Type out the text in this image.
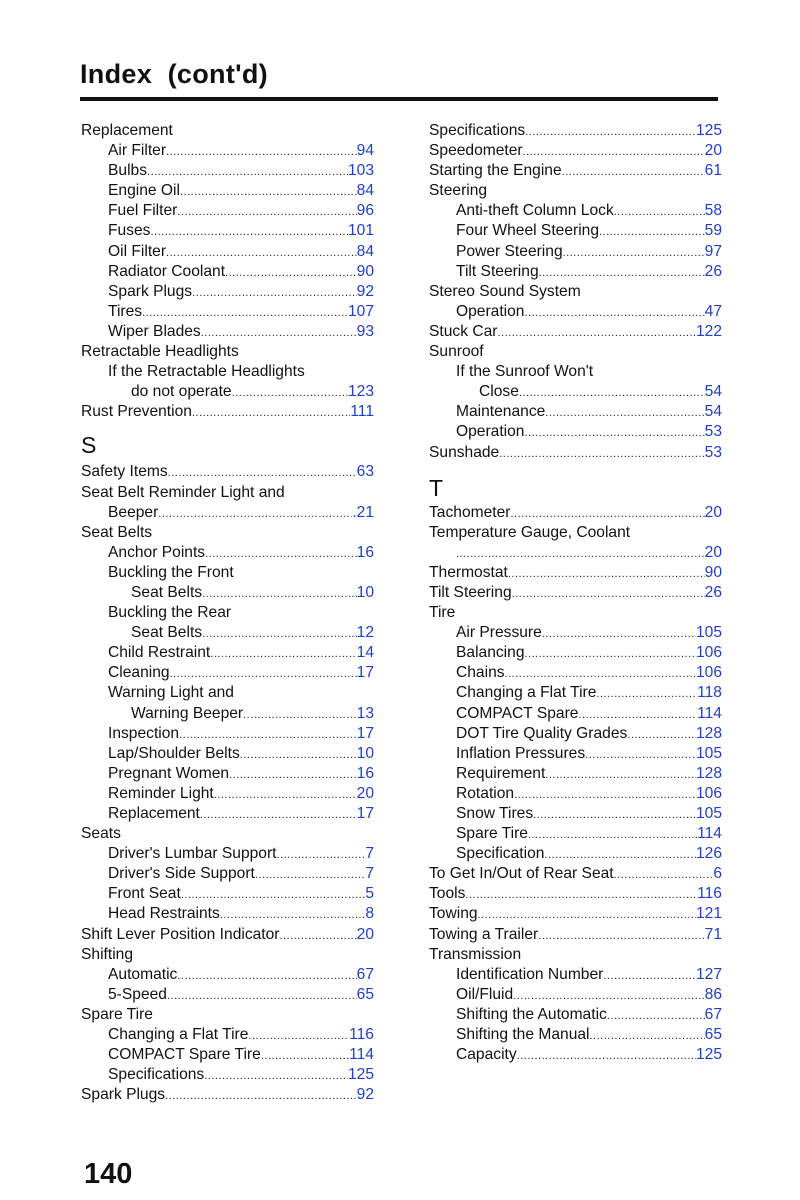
Index  (cont'd)
Replacement
Air Filter .....	94
Bulbs .....	103
Engine Oil .....	84
Fuel Filter .....	96
Fuses .....	101
Oil Filter .....	84
Radiator Coolant .....	90
Spark Plugs .....	92
Tires .....	107
Wiper Blades .....	93
Retractable Headlights
If the Retractable Headlights
do not operate .....	123
Rust Prevention .....	111
S
Safety Items .....	63
Seat Belt Reminder Light and
Beeper .....	.21
Seat Belts
Anchor Points .....	16
Buckling the Front
Seat Belts .....	10
Buckling the Rear
Seat Belts .....	12
Child Restraint .....	14
Cleaning .....	17
Warning Light and
Warning Beeper .....	13
Inspection .....	17
Lap/Shoulder Belts .....	10
Pregnant Women .....	16
Reminder Light .....	20
Replacement .....	17
Seats
Driver's Lumbar Support .....	7
Driver's Side Support .....	7
Front Seat .....	5
Head Restraints .....	8
Shift Lever Position Indicator .....	20
Shifting
Automatic .....	67
5-Speed .....	65
Spare Tire
Changing a Flat Tire .....	116
COMPACT Spare Tire .....	114
Specifications .....	125
Spark Plugs .....	92
Specifications .....	125
Speedometer .....	20
Starting the Engine .....	61
Steering
Anti-theft Column Lock .....	58
Four Wheel Steering .....	59
Power Steering .....	97
Tilt Steering .....	26
Stereo Sound System
Operation .....	47
Stuck Car .....	122
Sunroof
If the Sunroof Won't
Close .....	54
Maintenance .....	54
Operation .....	53
Sunshade .....	53
T
Tachometer .....	20
Temperature Gauge, Coolant
.....
20
Thermostat .....	90
Tilt Steering .....	26
Tire
Air Pressure .....	105
Balancing .....	106
Chains .....	106
Changing a Flat Tire .....	118
COMPACT Spare .....	114
DOT Tire Quality Grades .....	128
Inflation Pressures .....	105
Requirement .....	128
Rotation .....	106
Snow Tires .....	105
Spare Tire .....	114
Specification .....	126
To Get In/Out of Rear Seat .....	6
Tools .....	116
Towing .....	121
Towing a Trailer .....	71
Transmission
Identification Number .....	127
Oil/Fluid .....	86
Shifting the Automatic .....	67
Shifting the Manual .....	65
Capacity .....	125
140
